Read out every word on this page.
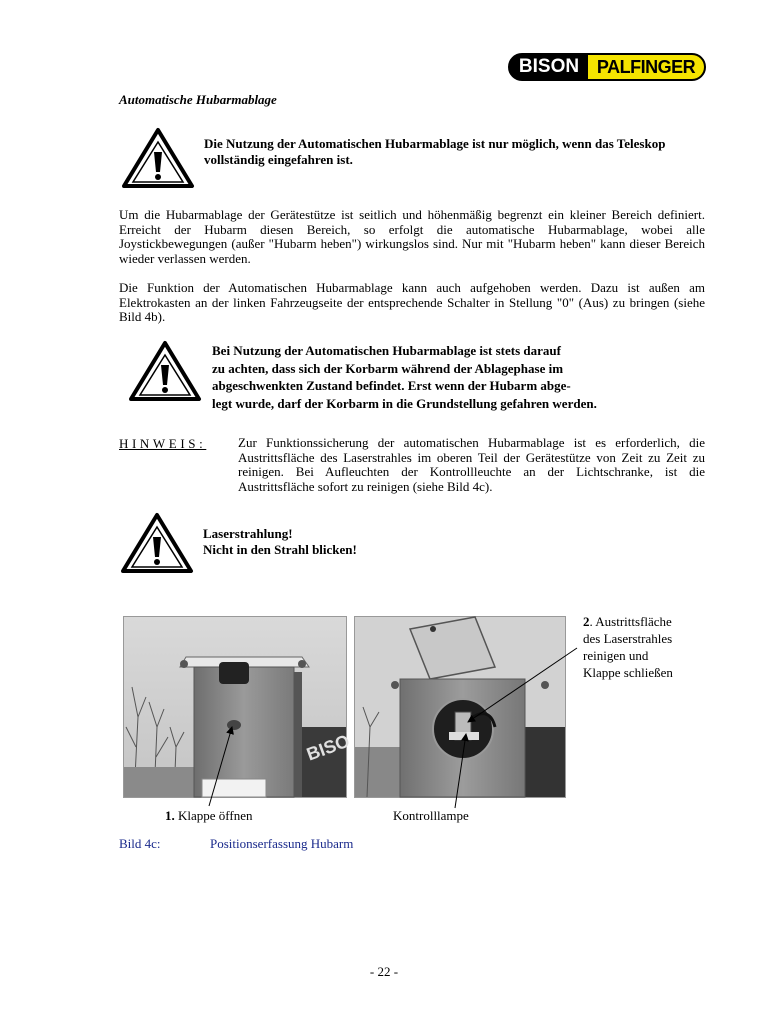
BISON PALFINGER
Automatische Hubarmablage
Die Nutzung der Automatischen Hubarmablage ist nur möglich, wenn das Teleskop vollständig eingefahren ist.
Um die Hubarmablage der Gerätestütze ist seitlich und höhenmäßig begrenzt ein kleiner Bereich definiert. Erreicht der Hubarm diesen Bereich, so erfolgt die automatische Hubarmablage, wobei alle Joystickbewegungen (außer "Hubarm heben") wirkungslos sind. Nur mit "Hubarm heben" kann dieser Bereich wieder verlassen werden.
Die Funktion der Automatischen Hubarmablage kann auch aufgehoben werden. Dazu ist außen am Elektrokasten an der linken Fahrzeugseite der entsprechende Schalter in Stellung "0" (Aus) zu bringen (siehe Bild 4b).
Bei Nutzung der Automatischen Hubarmablage ist stets darauf
zu achten, dass sich der Korbarm während der Ablagephase im
abgeschwenkten Zustand befindet. Erst wenn der Hubarm abge-
legt wurde, darf der Korbarm in die Grundstellung gefahren werden.
HINWEIS: Zur Funktionssicherung der automatischen Hubarmablage ist es erforderlich, die Austrittsfläche des Laserstrahles im oberen Teil der Gerätestütze von Zeit zu Zeit zu reinigen. Bei Aufleuchten der Kontrollleuchte an der Lichtschranke, ist die Austrittsfläche sofort zu reinigen (siehe Bild 4c).
Laserstrahlung!
Nicht in den Strahl blicken!
BISO
2. Austrittsfläche
des Laserstrahles
reinigen und
Klappe schließen
1. Klappe öffnen	Kontrolllampe
Bild 4c:	Positionserfassung Hubarm
- 22 -
